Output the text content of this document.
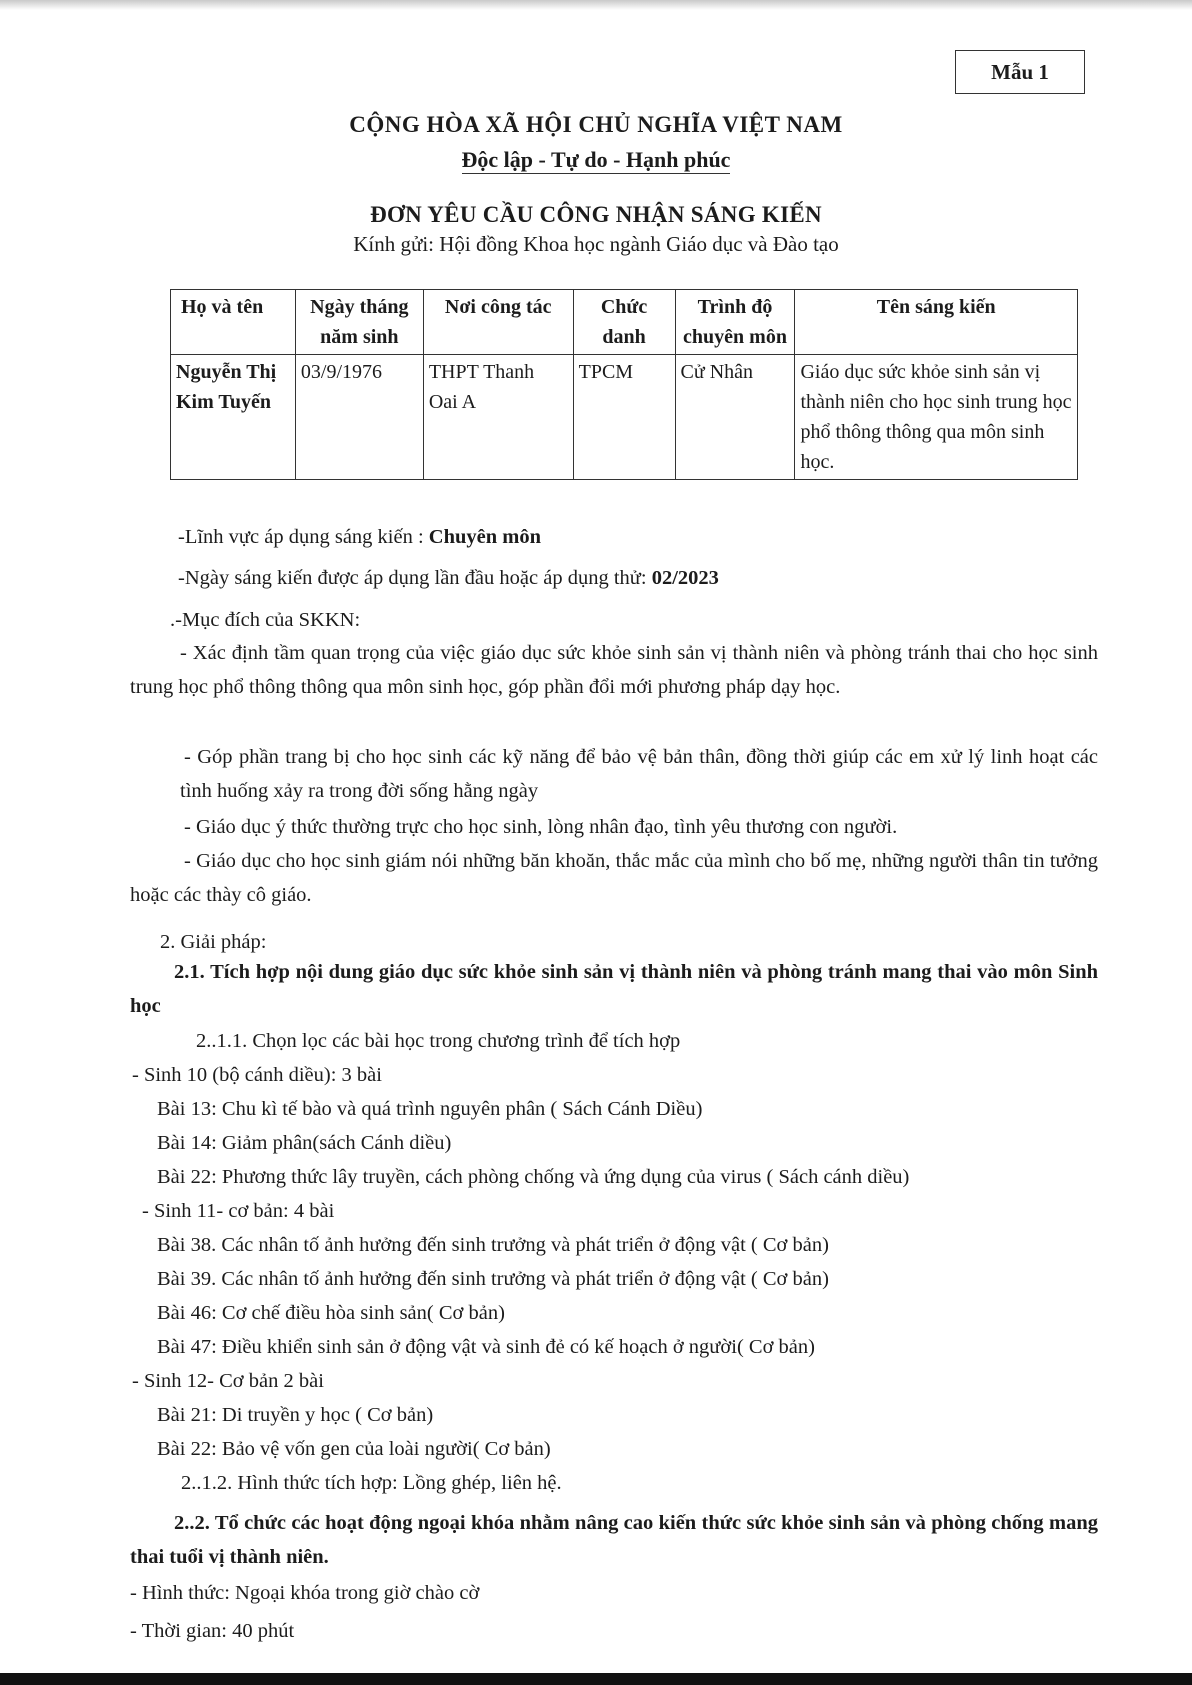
Mẫu 1
CỘNG HÒA XÃ HỘI CHỦ NGHĨA VIỆT NAM
Độc lập - Tự do - Hạnh phúc
ĐƠN YÊU CẦU CÔNG NHẬN SÁNG KIẾN
Kính gửi: Hội đồng Khoa học ngành Giáo dục và Đào tạo
Họ và tên	Ngày tháng năm sinh	Nơi công tác	Chức danh	Trình độ chuyên môn	Tên sáng kiến
Nguyễn Thị Kim Tuyến	03/9/1976	THPT Thanh Oai A	TPCM	Cử Nhân	Giáo dục sức khỏe sinh sản vị thành niên cho học sinh trung học phổ thông thông qua môn sinh học.
-Lĩnh vực áp dụng sáng kiến : Chuyên môn
-Ngày sáng kiến được áp dụng lần đầu hoặc áp dụng thử: 02/2023
.-Mục đích của SKKN:
- Xác định tầm quan trọng của việc giáo dục sức khỏe sinh sản vị thành niên và phòng tránh thai cho học sinh trung học phổ thông thông qua môn sinh học, góp phần đổi mới phương pháp dạy học.
- Góp phần trang bị cho học sinh các kỹ năng để bảo vệ bản thân, đồng thời giúp các em xử lý linh hoạt các tình huống xảy ra trong đời sống hằng ngày
- Giáo dục ý thức thường trực cho học sinh, lòng nhân đạo, tình yêu thương con người.
- Giáo dục cho học sinh giám nói những băn khoăn, thắc mắc của mình cho bố mẹ, những người thân tin tưởng hoặc các thày cô giáo.
2. Giải pháp:
2.1. Tích hợp nội dung giáo dục sức khỏe sinh sản vị thành niên và phòng tránh mang thai vào môn Sinh học
2..1.1. Chọn lọc các bài học trong chương trình để tích hợp
- Sinh 10 (bộ cánh diều): 3 bài
Bài 13: Chu kì tế bào và quá trình nguyên phân ( Sách Cánh Diều)
Bài 14: Giảm phân(sách Cánh diều)
Bài 22: Phương thức lây truyền, cách phòng chống và ứng dụng của virus ( Sách cánh diều)
- Sinh 11- cơ bản: 4 bài
Bài 38. Các nhân tố ảnh hưởng đến sinh trưởng và phát triển ở động vật ( Cơ bản)
Bài 39. Các nhân tố ảnh hưởng đến sinh trưởng và phát triển ở động vật ( Cơ bản)
Bài 46: Cơ chế điều hòa sinh sản( Cơ bản)
Bài 47: Điều khiển sinh sản ở động vật và sinh đẻ có kế hoạch ở người( Cơ bản)
- Sinh 12- Cơ bản 2 bài
Bài 21: Di truyền y học ( Cơ bản)
Bài 22: Bảo vệ vốn gen của loài người( Cơ bản)
2..1.2. Hình thức tích hợp: Lồng ghép, liên hệ.
2..2. Tổ chức các hoạt động ngoại khóa nhằm nâng cao kiến thức sức khỏe sinh sản và phòng chống mang thai tuổi vị thành niên.
- Hình thức: Ngoại khóa trong giờ chào cờ
- Thời gian: 40 phút
